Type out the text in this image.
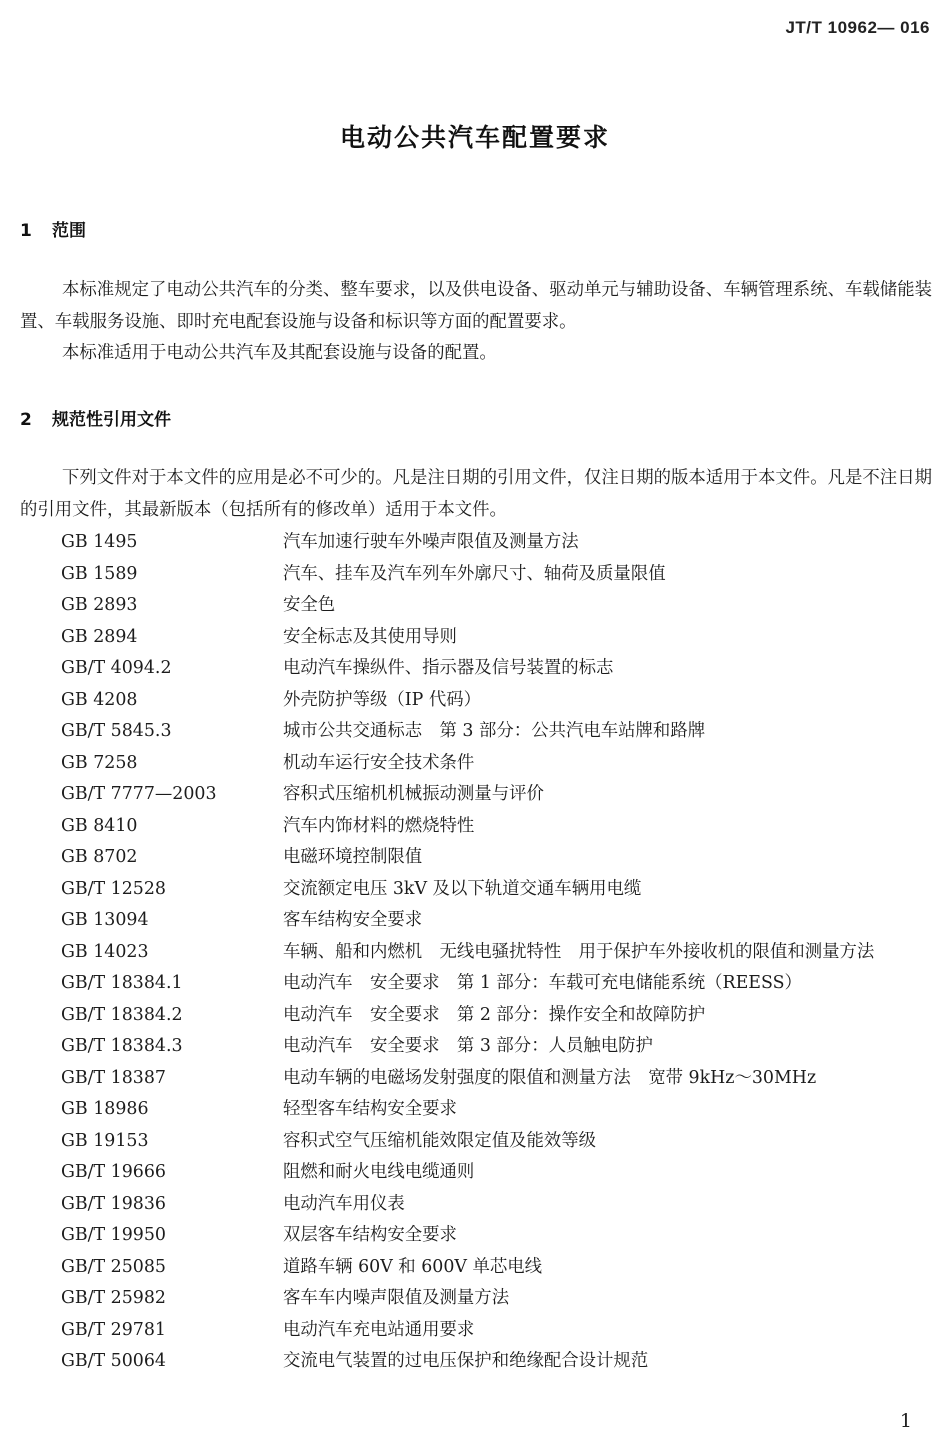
JT/T 10962— 016
电动公共汽车配置要求
1 范围
本标准规定了电动公共汽车的分类、整车要求，以及供电设备、驱动单元与辅助设备、车辆管理系统、车载储能装置、车载服务设施、即时充电配套设施与设备和标识等方面的配置要求。
本标准适用于电动公共汽车及其配套设施与设备的配置。
2 规范性引用文件
下列文件对于本文件的应用是必不可少的。凡是注日期的引用文件，仅注日期的版本适用于本文件。凡是不注日期的引用文件，其最新版本（包括所有的修改单）适用于本文件。
GB 1495	汽车加速行驶车外噪声限值及测量方法
GB 1589	汽车、挂车及汽车列车外廓尺寸、轴荷及质量限值
GB 2893	安全色
GB 2894	安全标志及其使用导则
GB/T 4094.2	电动汽车操纵件、指示器及信号装置的标志
GB 4208	外壳防护等级（IP 代码）
GB/T 5845.3	城市公共交通标志　第 3 部分：公共汽电车站牌和路牌
GB 7258	机动车运行安全技术条件
GB/T 7777—2003	容积式压缩机机械振动测量与评价
GB 8410	汽车内饰材料的燃烧特性
GB 8702	电磁环境控制限值
GB/T 12528	交流额定电压 3kV 及以下轨道交通车辆用电缆
GB 13094	客车结构安全要求
GB 14023	车辆、船和内燃机　无线电骚扰特性　用于保护车外接收机的限值和测量方法
GB/T 18384.1	电动汽车　安全要求　第 1 部分：车载可充电储能系统（REESS）
GB/T 18384.2	电动汽车　安全要求　第 2 部分：操作安全和故障防护
GB/T 18384.3	电动汽车　安全要求　第 3 部分：人员触电防护
GB/T 18387	电动车辆的电磁场发射强度的限值和测量方法　宽带 9kHz～30MHz
GB 18986	轻型客车结构安全要求
GB 19153	容积式空气压缩机能效限定值及能效等级
GB/T 19666	阻燃和耐火电线电缆通则
GB/T 19836	电动汽车用仪表
GB/T 19950	双层客车结构安全要求
GB/T 25085	道路车辆 60V 和 600V 单芯电线
GB/T 25982	客车车内噪声限值及测量方法
GB/T 29781	电动汽车充电站通用要求
GB/T 50064	交流电气装置的过电压保护和绝缘配合设计规范
1
